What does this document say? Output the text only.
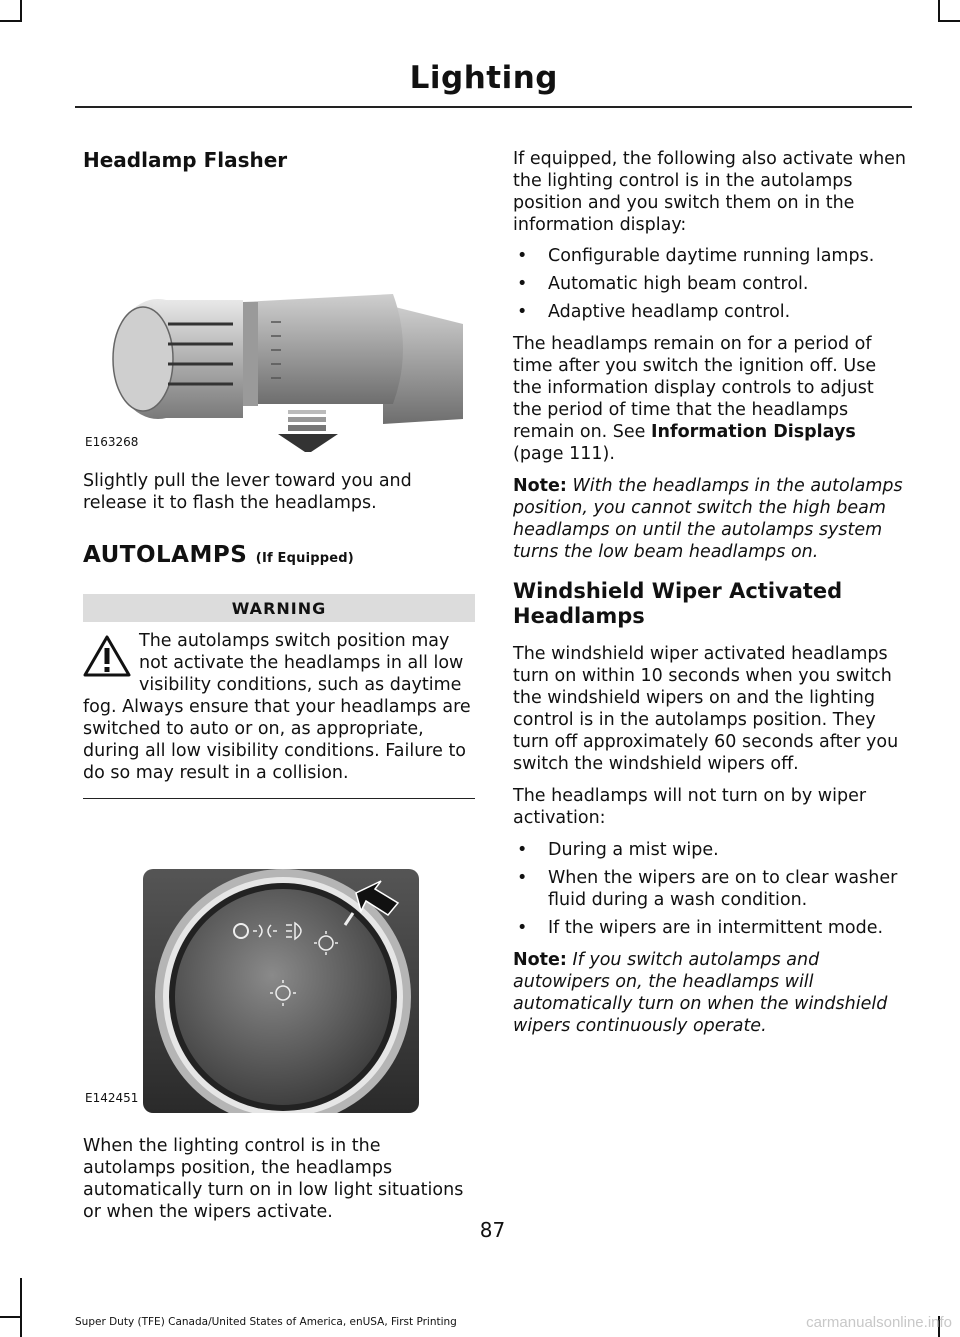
Lighting
Headlamp Flasher
E163268

Slightly pull the lever toward you and release it to flash the headlamps.

AUTOLAMPS (If Equipped)
WARNING
The autolamps switch position may not activate the headlamps in all low visibility conditions, such as daytime fog. Always ensure that your headlamps are switched to auto or on, as appropriate, during all low visibility conditions. Failure to do so may result in a collision.
E142451

When the lighting control is in the autolamps position, the headlamps automatically turn on in low light situations or when the wipers activate.

If equipped, the following also activate when the lighting control is in the autolamps position and you switch them on in the information display:

• Configurable daytime running lamps.
• Automatic high beam control.
• Adaptive headlamp control.

The headlamps remain on for a period of time after you switch the ignition off. Use the information display controls to adjust the period of time that the headlamps remain on. See Information Displays (page 111).

Note: With the headlamps in the autolamps position, you cannot switch the high beam headlamps on until the autolamps system turns the low beam headlamps on.

Windshield Wiper Activated Headlamps

The windshield wiper activated headlamps turn on within 10 seconds when you switch the windshield wipers on and the lighting control is in the autolamps position. They turn off approximately 60 seconds after you switch the windshield wipers off.

The headlamps will not turn on by wiper activation:

• During a mist wipe.
• When the wipers are on to clear washer fluid during a wash condition.
• If the wipers are in intermittent mode.

Note: If you switch autolamps and autowipers on, the headlamps will automatically turn on when the windshield wipers continuously operate.

87
Super Duty (TFE) Canada/United States of America, enUSA, First Printing	carmanualsonline.info
